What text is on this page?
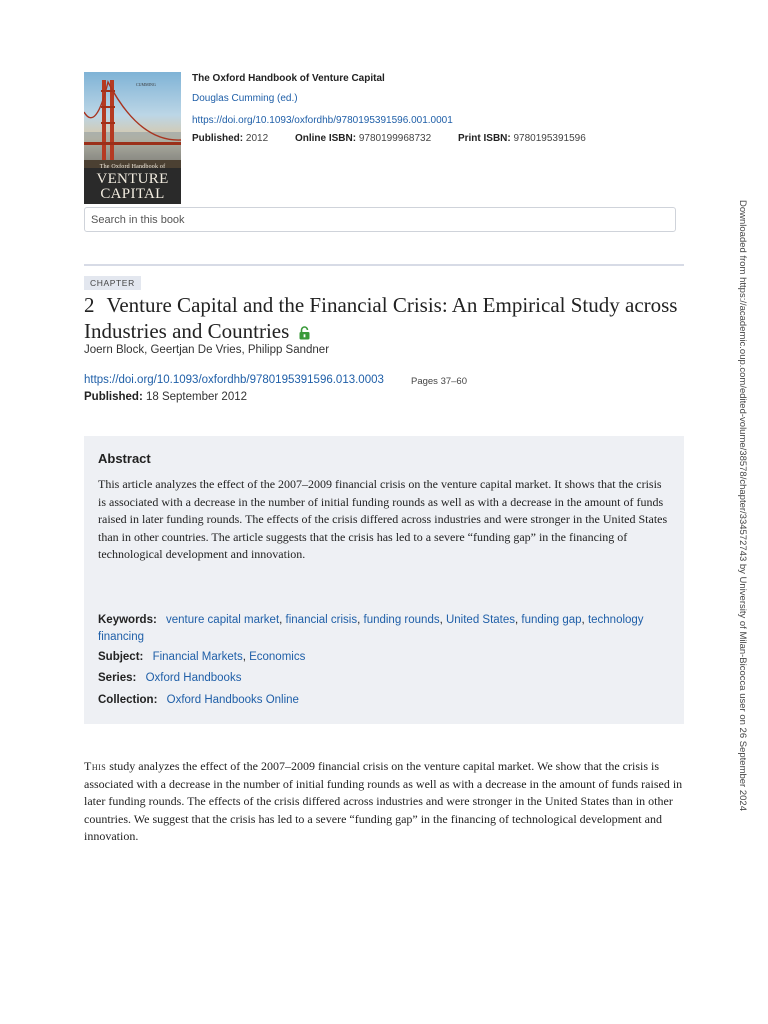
CUMMING
The Oxford Handbook of
VENTURE
CAPITAL
The Oxford Handbook of Venture Capital
Douglas Cumming (ed.)
https://doi.org/10.1093/oxfordhb/9780195391596.001.0001
Published: 2012	Online ISBN: 9780199968732	Print ISBN: 9780195391596
Search in this book
CHAPTER
2 Venture Capital and the Financial Crisis: An Empirical Study across Industries and Countries
Joern Block, Geertjan De Vries, Philipp Sandner
https://doi.org/10.1093/oxfordhb/9780195391596.013.0003	Pages 37–60
Published: 18 September 2012
Abstract
This article analyzes the effect of the 2007–2009 financial crisis on the venture capital market. It shows that the crisis is associated with a decrease in the number of initial funding rounds as well as with a decrease in the amount of funds raised in later funding rounds. The effects of the crisis differed across industries and were stronger in the United States than in other countries. The article suggests that the crisis has led to a severe “funding gap” in the financing of technological development and innovation.
Keywords: venture capital market, financial crisis, funding rounds, United States, funding gap, technology financing
Subject: Financial Markets, Economics
Series: Oxford Handbooks
Collection: Oxford Handbooks Online
This study analyzes the effect of the 2007–2009 financial crisis on the venture capital market. We show that the crisis is associated with a decrease in the number of initial funding rounds as well as with a decrease in the amount of funds raised in later funding rounds. The effects of the crisis differed across industries and were stronger in the United States than in other countries. We suggest that the crisis has led to a severe “funding gap” in the financing of technological development and innovation.
Downloaded from https://academic.oup.com/edited-volume/38578/chapter/334572743 by University of Milan-Bicocca user on 26 September 2024
